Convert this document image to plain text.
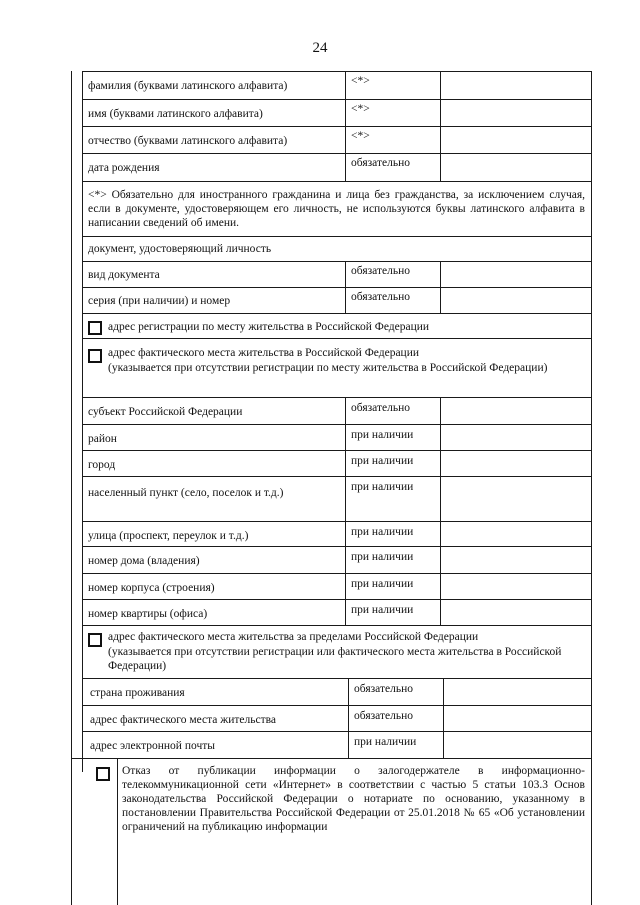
24
фамилия (буквами латинского алфавита)	<*>
имя (буквами латинского алфавита)	<*>
отчество (буквами латинского алфавита)	<*>
дата рождения	обязательно
<*> Обязательно для иностранного гражданина и лица без гражданства, за исключением случая, если в документе, удостоверяющем его личность, не используются буквы латинского алфавита в написании сведений об имени.
документ, удостоверяющий личность
вид документа	обязательно
серия (при наличии) и номер	обязательно
адрес регистрации по месту жительства в Российской Федерации
адрес фактического места жительства в Российской Федерации
(указывается при отсутствии регистрации по месту жительства в Российской Федерации)
субъект Российской Федерации	обязательно
район	при наличии
город	при наличии
населенный пункт (село, поселок и т.д.)	при наличии
улица (проспект, переулок и т.д.)	при наличии
номер дома (владения)	при наличии
номер корпуса (строения)	при наличии
номер квартиры (офиса)	при наличии
адрес фактического места жительства за пределами Российской Федерации
(указывается при отсутствии регистрации или фактического места жительства в Российской Федерации)
страна проживания	обязательно
адрес фактического места жительства	обязательно
адрес электронной почты	при наличии
Отказ от публикации информации о залогодержателе в информационно-телекоммуникационной сети «Интернет» в соответствии с частью 5 статьи 103.3 Основ законодательства Российской Федерации о нотариате по основанию, указанному в постановлении Правительства Российской Федерации от 25.01.2018 № 65 «Об установлении ограничений на публикацию информации
